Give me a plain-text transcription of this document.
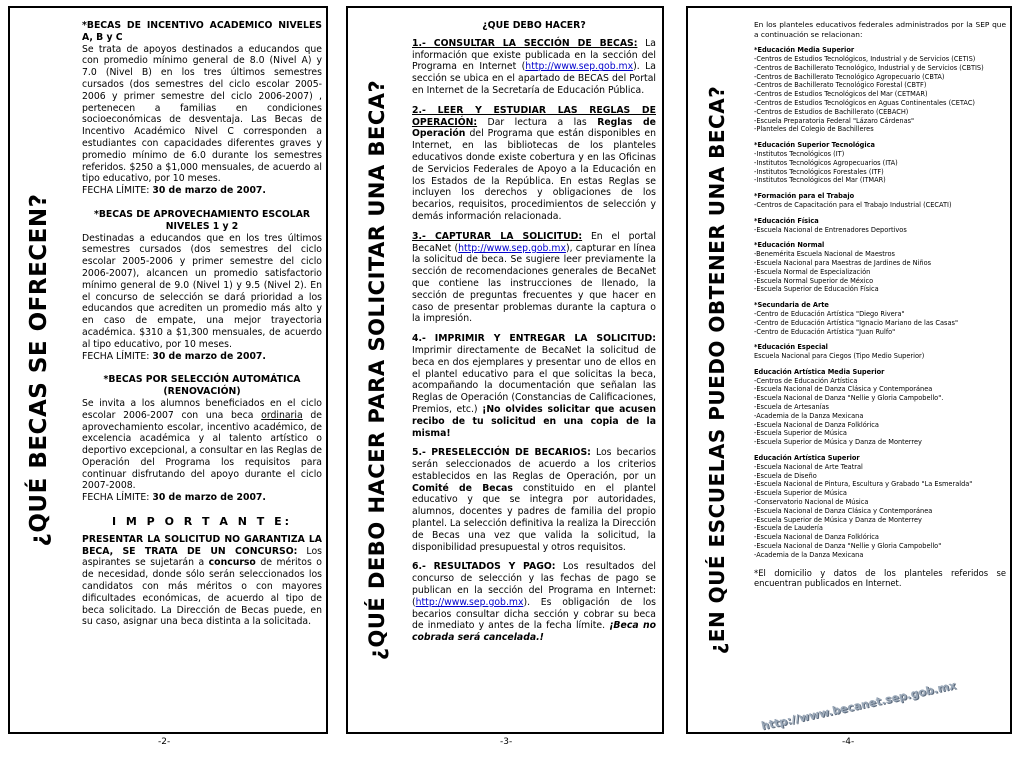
¿QUÉ BECAS SE OFRECEN?

*BECAS DE INCENTIVO ACADÉMICO NIVELES A, B y C

Se trata de apoyos destinados a educandos que con promedio mínimo general de 8.0 (Nivel A) y 7.0 (Nivel B) en los tres últimos semestres cursados (dos semestres del ciclo escolar 2005-2006 y primer semestre del ciclo 2006-2007) , pertenecen a familias en condiciones socioeconómicas de desventaja. Las Becas de Incentivo Académico Nivel C corresponden a estudiantes con capacidades diferentes graves y promedio mínimo de 6.0 durante los semestres referidos. $250 a $1,000 mensuales, de acuerdo al tipo educativo, por 10 meses.

FECHA LÍMITE: 30 de marzo de 2007.

*BECAS DE APROVECHAMIENTO ESCOLAR NIVELES 1 y 2

Destinadas a educandos que en los tres últimos semestres cursados (dos semestres del ciclo escolar 2005-2006 y primer semestre del ciclo 2006-2007), alcancen un promedio satisfactorio mínimo general de 9.0 (Nivel 1) y 9.5 (Nivel 2). En el concurso de selección se dará prioridad a los educandos que acrediten un promedio más alto y en caso de empate, una mejor trayectoria académica. $310 a $1,300 mensuales, de acuerdo al tipo educativo, por 10 meses.

FECHA LÍMITE: 30 de marzo de 2007.

*BECAS POR SELECCIÓN AUTOMÁTICA (RENOVACIÓN)

Se invita a los alumnos beneficiados en el ciclo escolar 2006-2007 con una beca ordinaria de aprovechamiento escolar, incentivo académico, de excelencia académica y al talento artístico o deportivo excepcional, a consultar en las Reglas de Operación del Programa los requisitos para continuar disfrutando del apoyo durante el ciclo 2007-2008.

FECHA LÍMITE: 30 de marzo de 2007.

I M P O R T A N T E:

PRESENTAR LA SOLICITUD NO GARANTIZA LA BECA, SE TRATA DE UN CONCURSO: Los aspirantes se sujetarán a concurso de méritos o de necesidad, donde sólo serán seleccionados los candidatos con más méritos o con mayores dificultades económicas, de acuerdo al tipo de beca solicitado. La Dirección de Becas puede, en su caso, asignar una beca distinta a la solicitada.

-2-
¿QUÉ DEBO HACER PARA SOLICITAR UNA BECA?

¿QUÉ DEBO HACER?

1.- CONSULTAR LA SECCIÓN DE BECAS: La información que existe publicada en la sección del Programa en Internet (http://www.sep.gob.mx). La sección se ubica en el apartado de BECAS del Portal en Internet de la Secretaría de Educación Pública.

2.- LEER Y ESTUDIAR LAS REGLAS DE OPERACIÓN: Dar lectura a las Reglas de Operación del Programa que están disponibles en Internet, en las bibliotecas de los planteles educativos donde existe cobertura y en las Oficinas de Servicios Federales de Apoyo a la Educación en los Estados de la República. En estas Reglas se incluyen los derechos y obligaciones de los becarios, requisitos, procedimientos de selección y demás información relacionada.

3.- CAPTURAR LA SOLICITUD: En el portal BecaNet (http://www.sep.gob.mx), capturar en línea la solicitud de beca. Se sugiere leer previamente la sección de recomendaciones generales de BecaNet que contiene las instrucciones de llenado, la sección de preguntas frecuentes y que hacer en caso de presentar problemas durante la captura o la impresión.

4.- IMPRIMIR Y ENTREGAR LA SOLICITUD: Imprimir directamente de BecaNet la solicitud de beca en dos ejemplares y presentar uno de ellos en el plantel educativo para el que solicitas la beca, acompañando la documentación que señalan las Reglas de Operación (Constancias de Calificaciones, Premios, etc.) ¡No olvides solicitar que acusen recibo de tu solicitud en una copia de la misma!

5.- PRESELECCIÓN DE BECARIOS: Los becarios serán seleccionados de acuerdo a los criterios establecidos en las Reglas de Operación, por un Comité de Becas constituido en el plantel educativo y que se integra por autoridades, alumnos, docentes y padres de familia del propio plantel. La selección definitiva la realiza la Dirección de Becas una vez que valida la solicitud, la disponibilidad presupuestal y otros requisitos.

6.- RESULTADOS Y PAGO: Los resultados del concurso de selección y las fechas de pago se publican en la sección del Programa en Internet: (http://www.sep.gob.mx). Es obligación de los becarios consultar dicha sección y cobrar su beca de inmediato y antes de la fecha límite. ¡Beca no cobrada será cancelada.!

-3-
¿EN QUÉ ESCUELAS PUEDO OBTENER UNA BECA?

En los planteles educativos federales administrados por la SEP que a continuación se relacionan:

*Educación Media Superior
-Centros de Estudios Tecnológicos, Industrial y de Servicios (CETIS)
-Centros de Bachillerato Tecnológico, Industrial y de Servicios (CBTIS)
-Centros de Bachillerato Tecnológico Agropecuario (CBTA)
-Centros de Bachillerato Tecnológico Forestal (CBTF)
-Centros de Estudios Tecnológicos del Mar (CETMAR)
-Centros de Estudios Tecnológicos en Aguas Continentales (CETAC)
-Centros de Estudios de Bachillerato (CEBACH)
-Escuela Preparatoria Federal "Lázaro Cárdenas"
-Planteles del Colegio de Bachilleres
*Educación Superior Tecnológica
-Institutos Tecnológicos (IT)
-Institutos Tecnológicos Agropecuarios (ITA)
-Institutos Tecnológicos Forestales (ITF)
-Institutos Tecnológicos del Mar (ITMAR)
*Formación para el Trabajo
-Centros de Capacitación para el Trabajo Industrial (CECATI)
*Educación Física
-Escuela Nacional de Entrenadores Deportivos
*Educación Normal
-Benemérita Escuela Nacional de Maestros
-Escuela Nacional para Maestras de Jardines de Niños
-Escuela Normal de Especialización
-Escuela Normal Superior de México
-Escuela Superior de Educación Física
*Secundaria de Arte
-Centro de Educación Artística "Diego Rivera"
-Centro de Educación Artística "Ignacio Mariano de las Casas"
-Centro de Educación Artística "Juan Rulfo"
*Educación Especial
Escuela Nacional para Ciegos (Tipo Medio Superior)
Educación Artística Media Superior
-Centros de Educación Artística
-Escuela Nacional de Danza Clásica y Contemporánea
-Escuela Nacional de Danza "Nellie y Gloria Campobello".
-Escuela de Artesanías
-Academia de la Danza Mexicana
-Escuela Nacional de Danza Folklórica
-Escuela Superior de Música
-Escuela Superior de Música y Danza de Monterrey
Educación Artística Superior
-Escuela Nacional de Arte Teatral
-Escuela de Diseño
-Escuela Nacional de Pintura, Escultura y Grabado "La Esmeralda"
-Escuela Superior de Música
-Conservatorio Nacional de Música
-Escuela Nacional de Danza Clásica y Contemporánea
-Escuela Superior de Música y Danza de Monterrey
-Escuela de Laudería
-Escuela Nacional de Danza Folklórica
-Escuela Nacional de Danza "Nellie y Gloria Campobello"
-Academia de la Danza Mexicana

*El domicilio y datos de los planteles referidos se encuentran publicados en Internet.

-4-
http://www.becanet.sep.gob.mx
